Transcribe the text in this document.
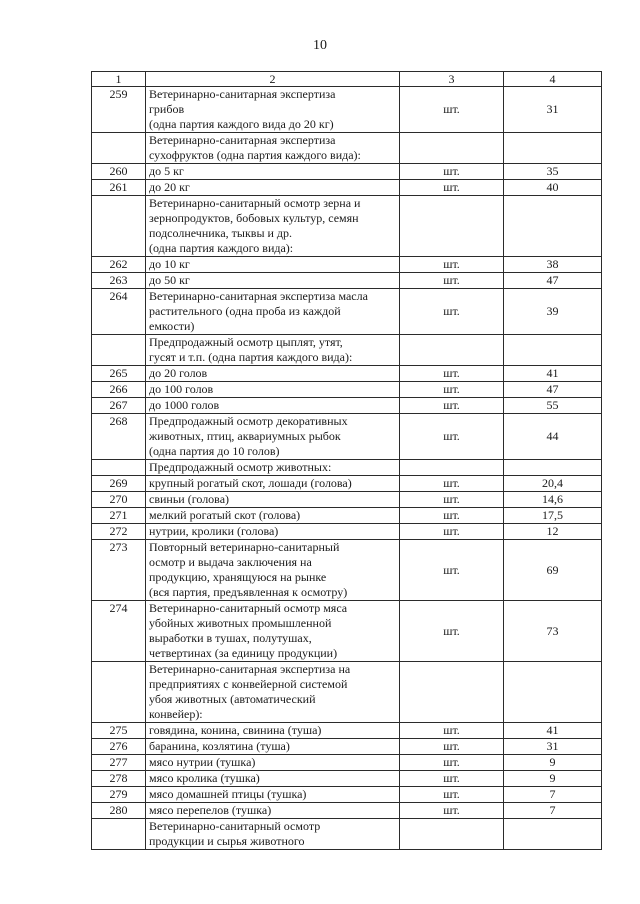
10
1	2	3	4
259	Ветеринарно-санитарная экспертиза
грибов
(одна партия каждого вида до 20 кг)	шт.	31
	Ветеринарно-санитарная экспертиза
сухофруктов (одна партия каждого вида):		
260	до 5 кг	шт.	35
261	до 20 кг	шт.	40
	Ветеринарно-санитарный осмотр зерна и
зернопродуктов, бобовых культур, семян
подсолнечника, тыквы и др.
(одна партия каждого вида):		
262	до 10 кг	шт.	38
263	до 50 кг	шт.	47
264	Ветеринарно-санитарная экспертиза масла
растительного (одна проба из каждой
емкости)	шт.	39
	Предпродажный осмотр цыплят, утят,
гусят и т.п. (одна партия каждого вида):		
265	до 20 голов	шт.	41
266	до 100 голов	шт.	47
267	до 1000 голов	шт.	55
268	Предпродажный осмотр декоративных
животных, птиц, аквариумных рыбок
(одна партия до 10 голов)	шт.	44
	Предпродажный осмотр животных:		
269	крупный рогатый скот, лошади (голова)	шт.	20,4
270	свиньи (голова)	шт.	14,6
271	мелкий рогатый скот (голова)	шт.	17,5
272	нутрии, кролики (голова)	шт.	12
273	Повторный ветеринарно-санитарный
осмотр и выдача заключения на
продукцию, хранящуюся на рынке
(вся партия, предъявленная к осмотру)	шт.	69
274	Ветеринарно-санитарный осмотр мяса
убойных животных промышленной
выработки в тушах, полутушах,
четвертинах (за единицу продукции)	шт.	73
	Ветеринарно-санитарная экспертиза на
предприятиях с конвейерной системой
убоя животных (автоматический
конвейер):		
275	говядина, конина, свинина (туша)	шт.	41
276	баранина, козлятина (туша)	шт.	31
277	мясо нутрии (тушка)	шт.	9
278	мясо кролика (тушка)	шт.	9
279	мясо домашней птицы (тушка)	шт.	7
280	мясо перепелов (тушка)	шт.	7
	Ветеринарно-санитарный осмотр
продукции и сырья животного		
